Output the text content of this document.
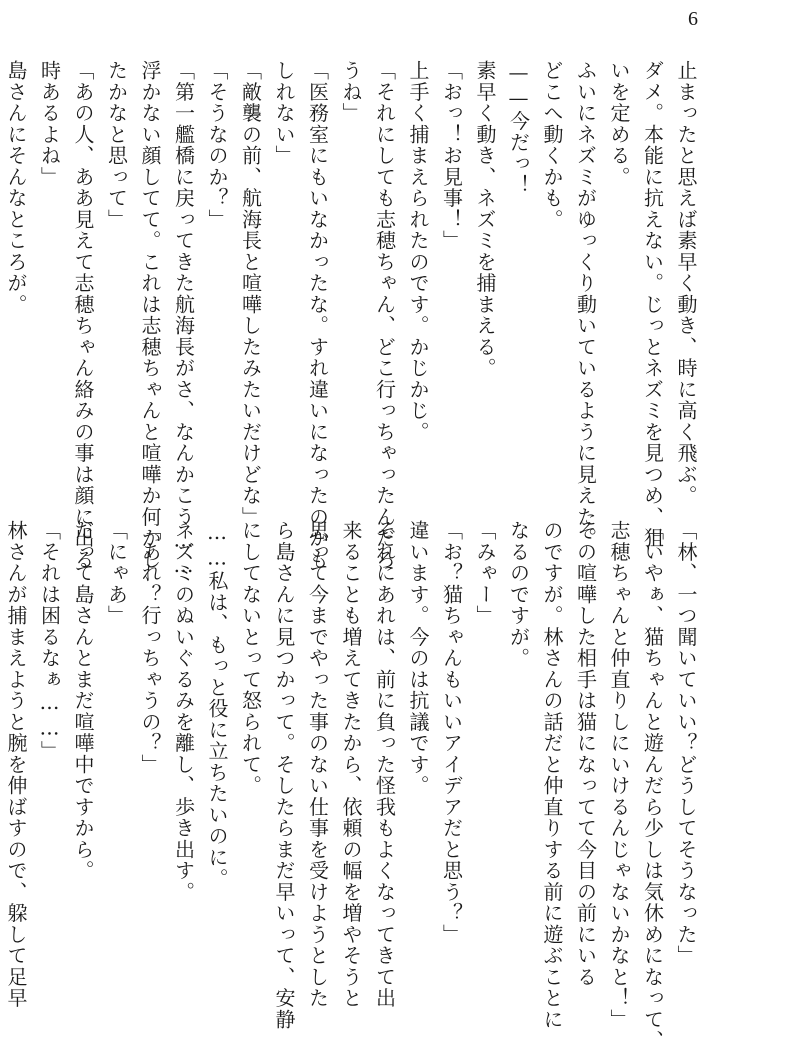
6
止まったと思えば素早く動き、時に高く飛ぶ。
ダメ。本能に抗えない。じっとネズミを見つめ、狙
いを定める。
ふいにネズミがゆっくり動いているように見えた。
どこへ動くかも。
——今だっ！
素早く動き、ネズミを捕まえる。
「おっ！お見事！」
上手く捕まえられたのです。かじかじ。
「それにしても志穂ちゃん、どこ行っちゃったんだろ
うね」
「医務室にもいなかったな。すれ違いになったのかも
しれない」
「敵襲の前、航海長と喧嘩したみたいだけどな」
「そうなのか？」
「第一艦橋に戻ってきた航海長がさ、なんかこう……
浮かない顔してて。これは志穂ちゃんと喧嘩か何かし
たかなと思って」
「あの人、ああ見えて志穂ちゃん絡みの事は顔に出る
時あるよね」
島さんにそんなところが。
「林、一つ聞いていい？どうしてそうなった」
「いやぁ、猫ちゃんと遊んだら少しは気休めになって、
志穂ちゃんと仲直りしにいけるんじゃないかなと！」
その喧嘩した相手は猫になってて今目の前にいる
のですが。林さんの話だと仲直りする前に遊ぶことに
なるのですが。
「みゃー」
「お？猫ちゃんもいいアイデアだと思う？」
違います。今のは抗議です。
それにあれは、前に負った怪我もよくなってきて出
来ることも増えてきたから、依頼の幅を増やそうと
思って今までやった事のない仕事を受けようとした
ら島さんに見つかって。そしたらまだ早いって、安静
にしてないとって怒られて。
……私は、もっと役に立ちたいのに。
ネズミのぬいぐるみを離し、歩き出す。
「あれ？行っちゃうの？」
「にゃあ」
だって島さんとまだ喧嘩中ですから。
「それは困るなぁ……」
林さんが捕まえようと腕を伸ばすので、躱して足早
